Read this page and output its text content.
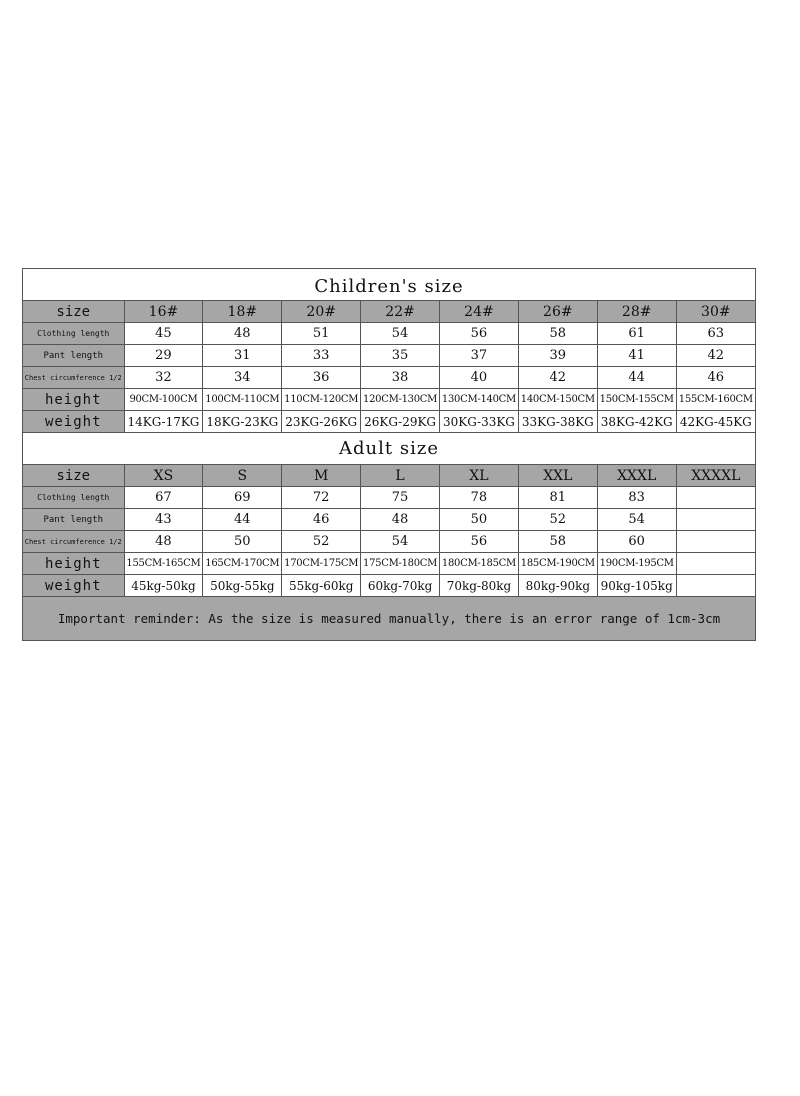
Children's size
size	16#	18#	20#	22#	24#	26#	28#	30#
Clothing length	45	48	51	54	56	58	61	63
Pant length	29	31	33	35	37	39	41	42
Chest circumference 1/2	32	34	36	38	40	42	44	46
height	90CM-100CM	100CM-110CM	110CM-120CM	120CM-130CM	130CM-140CM	140CM-150CM	150CM-155CM	155CM-160CM
weight	14KG-17KG	18KG-23KG	23KG-26KG	26KG-29KG	30KG-33KG	33KG-38KG	38KG-42KG	42KG-45KG
Adult size
size	XS	S	M	L	XL	XXL	XXXL	XXXXL
Clothing length	67	69	72	75	78	81	83	
Pant length	43	44	46	48	50	52	54	
Chest circumference 1/2	48	50	52	54	56	58	60	
height	155CM-165CM	165CM-170CM	170CM-175CM	175CM-180CM	180CM-185CM	185CM-190CM	190CM-195CM	
weight	45kg-50kg	50kg-55kg	55kg-60kg	60kg-70kg	70kg-80kg	80kg-90kg	90kg-105kg	
Important reminder: As the size is measured manually, there is an error range of 1cm-3cm
